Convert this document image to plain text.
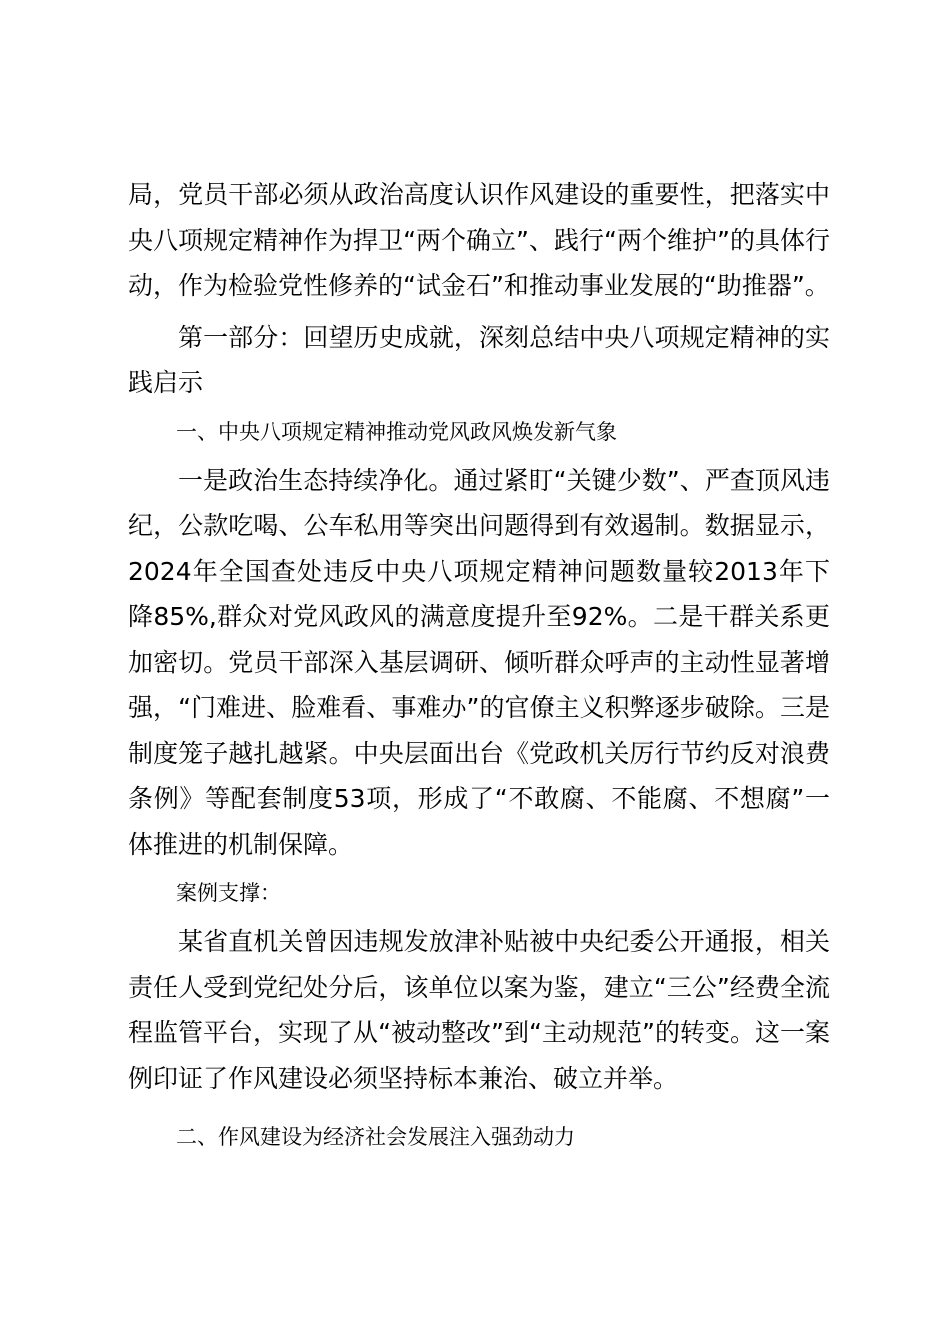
局，党员干部必须从政治高度认识作风建设的重要性，把落实中央八项规定精神作为捍卫“两个确立”、践行“两个维护”的具体行动，作为检验党性修养的“试金石”和推动事业发展的“助推器”。

第一部分：回望历史成就，深刻总结中央八项规定精神的实践启示

一、中央八项规定精神推动党风政风焕发新气象

一是政治生态持续净化。通过紧盯“关键少数”、严查顶风违纪，公款吃喝、公车私用等突出问题得到有效遏制。数据显示，2024年全国查处违反中央八项规定精神问题数量较2013年下降85%,群众对党风政风的满意度提升至92%。二是干群关系更加密切。党员干部深入基层调研、倾听群众呼声的主动性显著增强，“门难进、脸难看、事难办”的官僚主义积弊逐步破除。三是制度笼子越扎越紧。中央层面出台《党政机关厉行节约反对浪费条例》等配套制度53项，形成了“不敢腐、不能腐、不想腐”一体推进的机制保障。

案例支撑：

某省直机关曾因违规发放津补贴被中央纪委公开通报，相关责任人受到党纪处分后，该单位以案为鉴，建立“三公”经费全流程监管平台，实现了从“被动整改”到“主动规范”的转变。这一案例印证了作风建设必须坚持标本兼治、破立并举。

二、作风建设为经济社会发展注入强劲动力
